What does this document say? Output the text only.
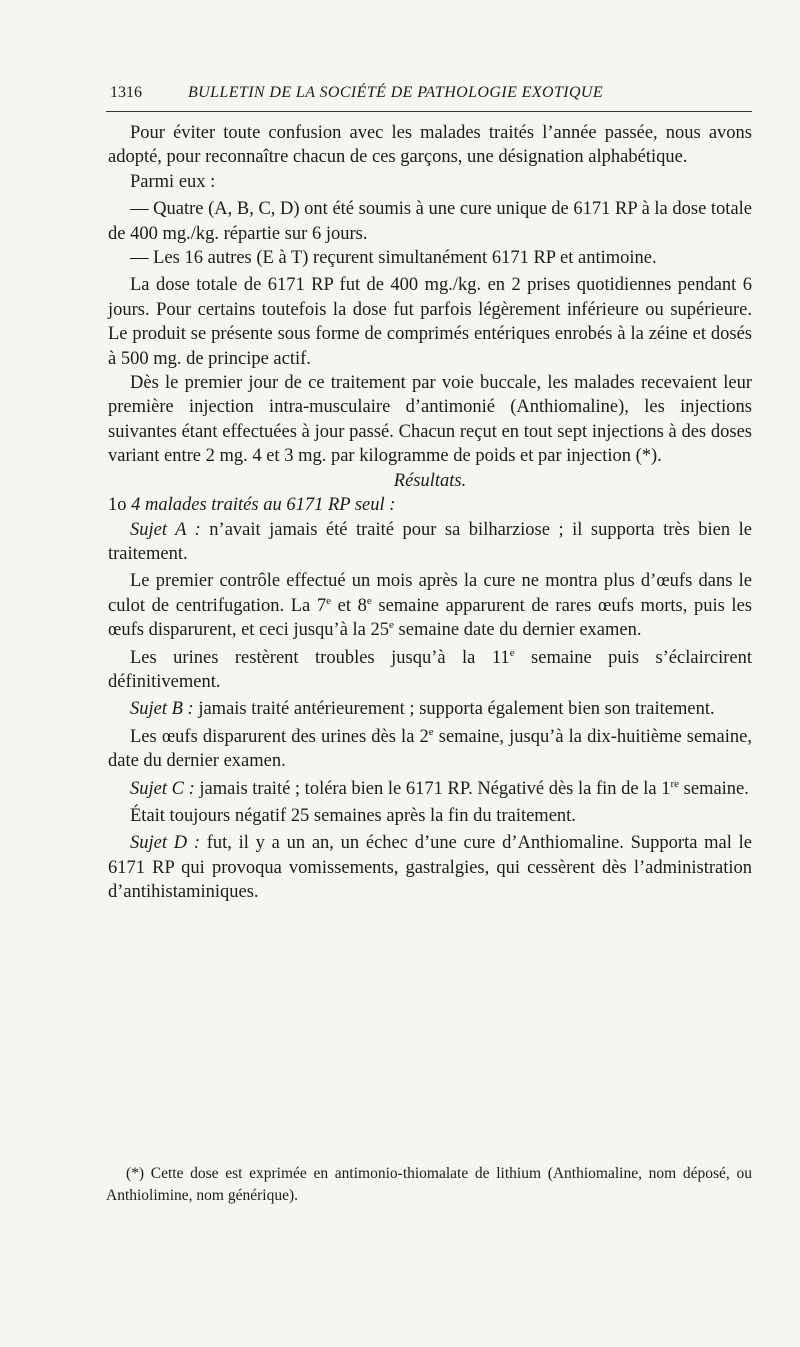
1316	BULLETIN DE LA SOCIÉTÉ DE PATHOLOGIE EXOTIQUE

Pour éviter toute confusion avec les malades traités l’année passée, nous avons adopté, pour reconnaître chacun de ces garçons, une désignation alphabétique.

Parmi eux :

— Quatre (A, B, C, D) ont été soumis à une cure unique de 6171 RP à la dose totale de 400 mg./kg. répartie sur 6 jours.

— Les 16 autres (E à T) reçurent simultanément 6171 RP et antimoine.

La dose totale de 6171 RP fut de 400 mg./kg. en 2 prises quotidiennes pendant 6 jours. Pour certains toutefois la dose fut parfois légèrement inférieure ou supérieure. Le produit se présente sous forme de comprimés entériques enrobés à la zéine et dosés à 500 mg. de principe actif.

Dès le premier jour de ce traitement par voie buccale, les malades recevaient leur première injection intra-musculaire d’antimonié (Anthiomaline), les injections suivantes étant effectuées à jour passé. Chacun reçut en tout sept injections à des doses variant entre 2 mg. 4 et 3 mg. par kilogramme de poids et par injection (*).

Résultats.

1o 4 malades traités au 6171 RP seul :

Sujet A : n’avait jamais été traité pour sa bilharziose ; il supporta très bien le traitement.

Le premier contrôle effectué un mois après la cure ne montra plus d’œufs dans le culot de centrifugation. La 7e et 8e semaine apparurent de rares œufs morts, puis les œufs disparurent, et ceci jusqu’à la 25e semaine date du dernier examen.

Les urines restèrent troubles jusqu’à la 11e semaine puis s’éclaircirent définitivement.

Sujet B : jamais traité antérieurement ; supporta également bien son traitement.

Les œufs disparurent des urines dès la 2e semaine, jusqu’à la dix-huitième semaine, date du dernier examen.

Sujet C : jamais traité ; toléra bien le 6171 RP. Négativé dès la fin de la 1re semaine.

Était toujours négatif 25 semaines après la fin du traitement.

Sujet D : fut, il y a un an, un échec d’une cure d’Anthiomaline. Supporta mal le 6171 RP qui provoqua vomissements, gastralgies, qui cessèrent dès l’administration d’antihistaminiques.

(*) Cette dose est exprimée en antimonio-thiomalate de lithium (Anthiomaline, nom déposé, ou Anthiolimine, nom générique).
